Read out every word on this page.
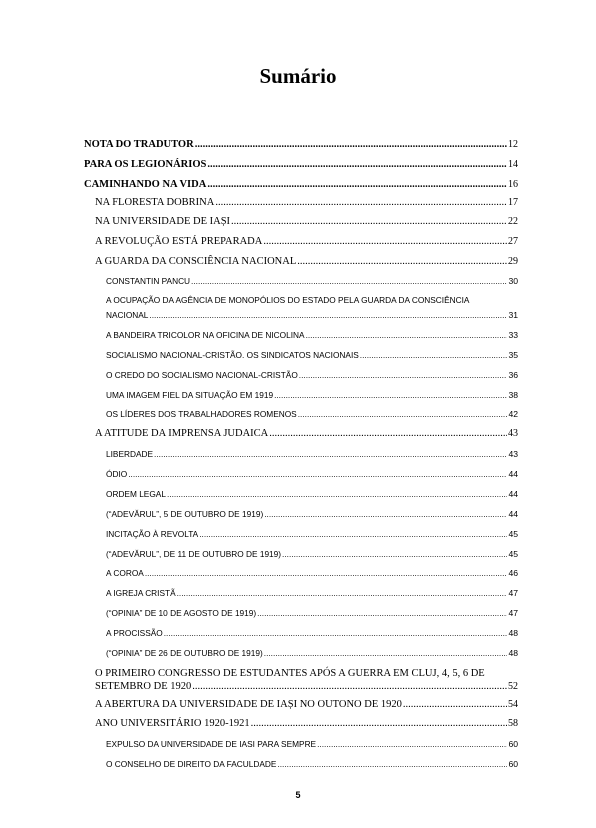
Sumário
NOTA DO TRADUTOR .....	12
PARA OS LEGIONÁRIOS .....	14
CAMINHANDO NA VIDA .....	16
NA FLORESTA DOBRINA .....	17
NA UNIVERSIDADE DE IAȘI .....	22
A REVOLUÇÃO ESTÁ PREPARADA .....	27
A GUARDA DA CONSCIÊNCIA NACIONAL .....	29
CONSTANTIN PANCU .....	30
A OCUPAÇÃO DA AGÊNCIA DE MONOPÓLIOS DO ESTADO PELA GUARDA DA CONSCIÊNCIA
NACIONAL .....	31
A BANDEIRA TRICOLOR NA OFICINA DE NICOLINA .....	33
SOCIALISMO NACIONAL-CRISTÃO. OS SINDICATOS NACIONAIS .....	35
O CREDO DO SOCIALISMO NACIONAL-CRISTÃO .....	36
UMA IMAGEM FIEL DA SITUAÇÃO EM 1919 .....	38
OS LÍDERES DOS TRABALHADORES ROMENOS .....	42
A ATITUDE DA IMPRENSA JUDAICA .....	43
LIBERDADE .....	43
ÓDIO .....	44
ORDEM LEGAL .....	44
(“ADEVĂRUL”, 5 DE OUTUBRO DE 1919) .....	44
INCITAÇÃO À REVOLTA .....	45
(“ADEVĂRUL”, DE 11 DE OUTUBRO DE 1919) .....	45
A COROA .....	46
A IGREJA CRISTÃ .....	47
(“OPINIA” DE 10 DE AGOSTO DE 1919) .....	47
A PROCISSÃO .....	48
(“OPINIA” DE 26 DE OUTUBRO DE 1919) .....	48
O PRIMEIRO CONGRESSO DE ESTUDANTES APÓS A GUERRA EM CLUJ, 4, 5, 6 DE
SETEMBRO DE 1920 .....	52
A ABERTURA DA UNIVERSIDADE DE IAȘI NO OUTONO DE 1920 .....	54
ANO UNIVERSITÁRIO 1920-1921 .....	58
EXPULSO DA UNIVERSIDADE DE IASI PARA SEMPRE .....	60
O CONSELHO DE DIREITO DA FACULDADE .....	60
5
